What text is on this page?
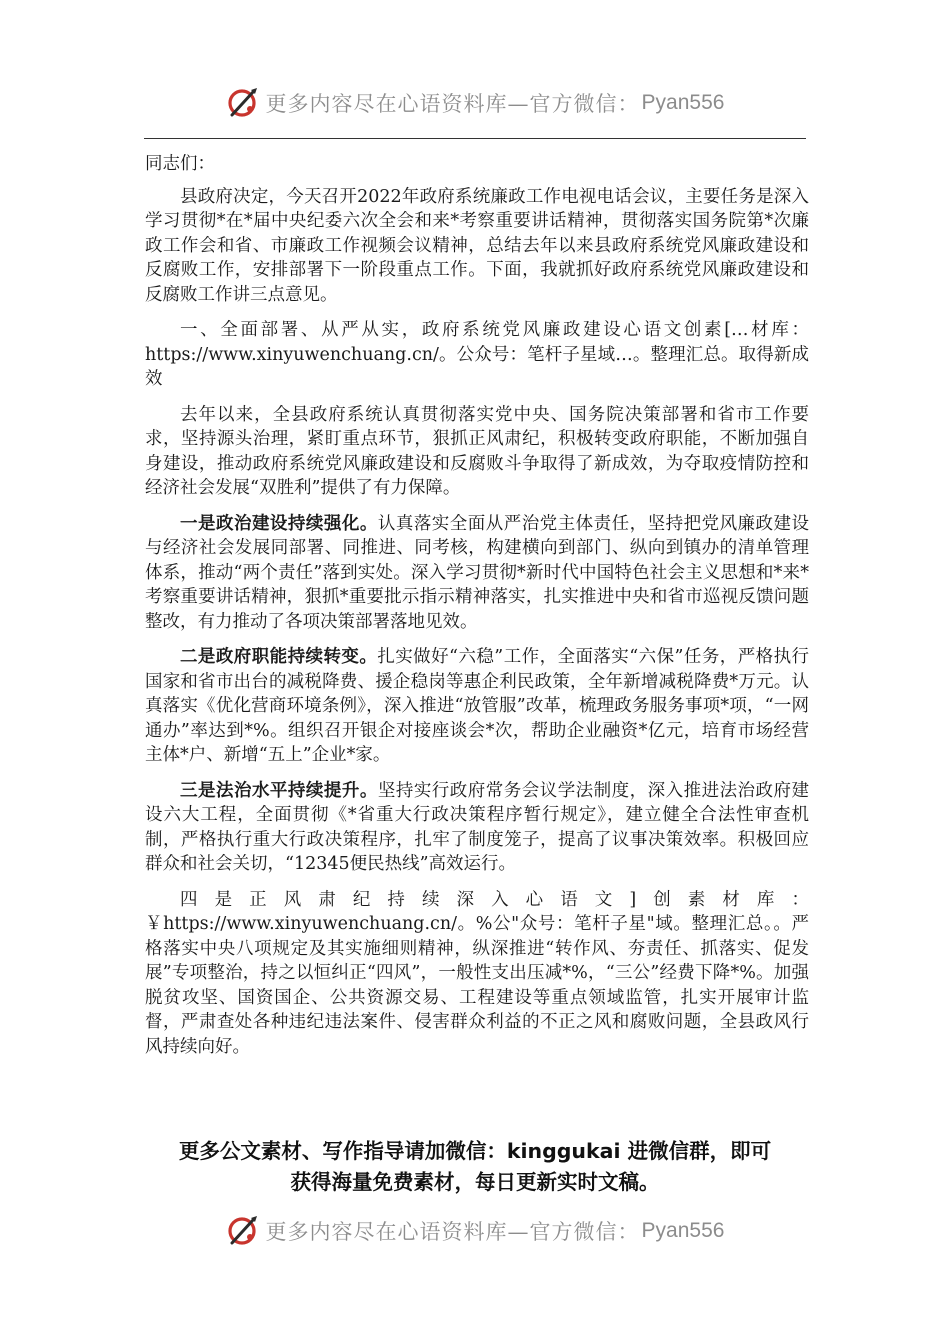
更多内容尽在心语资料库—官方微信： Pyan556

同志们：

县政府决定，今天召开2022年政府系统廉政工作电视电话会议，主要任务是深入学习贯彻*在*届中央纪委六次全会和来*考察重要讲话精神，贯彻落实国务院第*次廉政工作会和省、市廉政工作视频会议精神，总结去年以来县政府系统党风廉政建设和反腐败工作，安排部署下一阶段重点工作。下面，我就抓好政府系统党风廉政建设和反腐败工作讲三点意见。

一、全面部署、从严从实，政府系统党风廉政建设心语文创素[…材库：https://www.xinyuwenchuang.cn/。公众号：笔杆子星域…。整理汇总。取得新成效

去年以来，全县政府系统认真贯彻落实党中央、国务院决策部署和省市工作要求，坚持源头治理，紧盯重点环节，狠抓正风肃纪，积极转变政府职能，不断加强自身建设，推动政府系统党风廉政建设和反腐败斗争取得了新成效，为夺取疫情防控和经济社会发展“双胜利”提供了有力保障。

一是政治建设持续强化。认真落实全面从严治党主体责任，坚持把党风廉政建设与经济社会发展同部署、同推进、同考核，构建横向到部门、纵向到镇办的清单管理体系，推动“两个责任”落到实处。深入学习贯彻*新时代中国特色社会主义思想和*来*考察重要讲话精神，狠抓*重要批示指示精神落实，扎实推进中央和省市巡视反馈问题整改，有力推动了各项决策部署落地见效。

二是政府职能持续转变。扎实做好“六稳”工作，全面落实“六保”任务，严格执行国家和省市出台的减税降费、援企稳岗等惠企利民政策，全年新增减税降费*万元。认真落实《优化营商环境条例》，深入推进“放管服”改革，梳理政务服务事项*项，“一网通办”率达到*%。组织召开银企对接座谈会*次，帮助企业融资*亿元，培育市场经营主体*户、新增“五上”企业*家。

三是法治水平持续提升。坚持实行政府常务会议学法制度，深入推进法治政府建设六大工程，全面贯彻《*省重大行政决策程序暂行规定》，建立健全合法性审查机制，严格执行重大行政决策程序，扎牢了制度笼子，提高了议事决策效率。积极回应群众和社会关切，“12345便民热线”高效运行。

四是正风肃纪持续深入心语文]创素材库：￥https://www.xinyuwenchuang.cn/。%公"众号：笔杆子星"域。整理汇总。。严格落实中央八项规定及其实施细则精神，纵深推进“转作风、夯责任、抓落实、促发展”专项整治，持之以恒纠正“四风”，一般性支出压减*%，“三公”经费下降*%。加强脱贫攻坚、国资国企、公共资源交易、工程建设等重点领域监管，扎实开展审计监督，严肃查处各种违纪违法案件、侵害群众利益的不正之风和腐败问题，全县政风行风持续向好。

更多公文素材、写作指导请加微信：kinggukai 进微信群，即可
获得海量免费素材，每日更新实时文稿。
更多内容尽在心语资料库—官方微信： Pyan556
